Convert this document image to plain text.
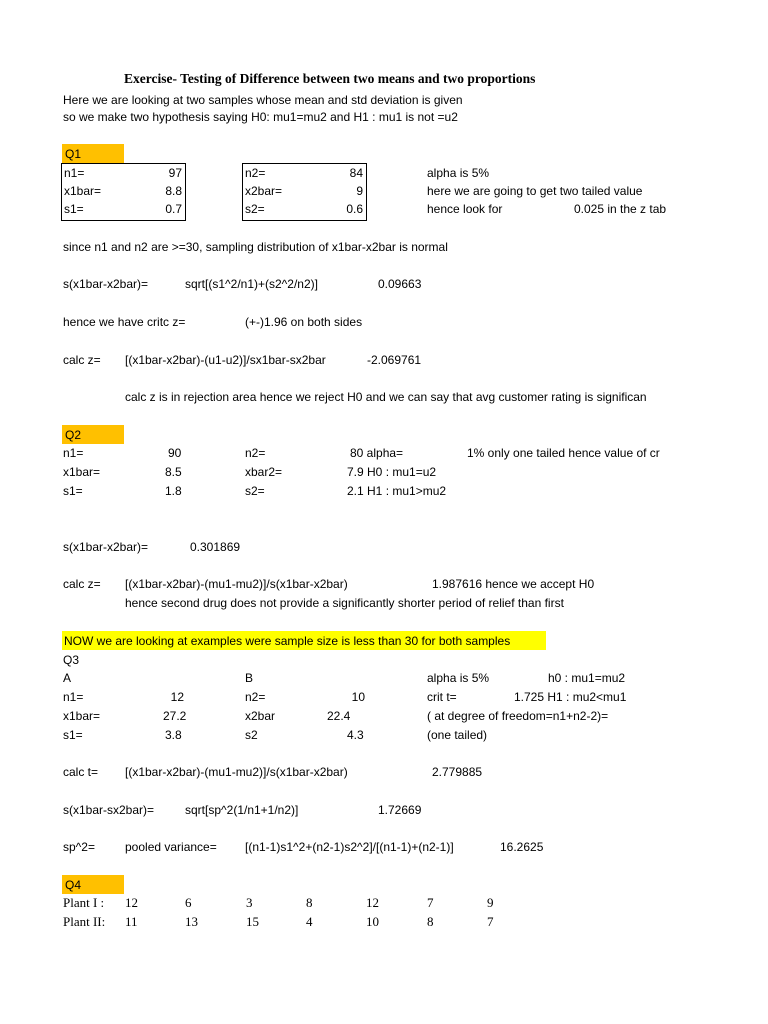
Exercise- Testing of Difference between two means and two proportions
Here we are looking at two samples whose mean and std deviation is given
so we make two hypothesis saying H0: mu1=mu2 and H1 : mu1 is not =u2
Q1
n1=	97
x1bar=	8.8
s1=	0.7
n2=	84
x2bar=	9
s2=	0.6
alpha is 5%
here we are going to get two tailed value
hence look for	0.025 in the z tab
since n1 and n2 are >=30, sampling distribution of x1bar-x2bar is normal
s(x1bar-x2bar)=	sqrt[(s1^2/n1)+(s2^2/n2)]	0.09663
hence we have critc z=	(+-)1.96 on both sides
calc z= [(x1bar-x2bar)-(u1-u2)]/sx1bar-sx2bar	-2.069761
calc z is in rejection area hence we reject H0 and we can say that avg customer rating is significan
Q2
n1=	90	n2=	80 alpha=	1% only one tailed hence value of cr
x1bar=	8.5	xbar2=	7.9 H0 : mu1=u2
s1=	1.8	s2=	2.1 H1 : mu1>mu2
s(x1bar-x2bar)=	0.301869
calc z= [(x1bar-x2bar)-(mu1-mu2)]/s(x1bar-x2bar)	1.987616 hence we accept H0
hence second drug does not provide a significantly shorter period of relief than first
NOW we are looking at examples were sample size is less than 30 for both samples
Q3
A	B	alpha is 5%	h0 : mu1=mu2
n1=	12	n2=	10	crit t=	1.725 H1 : mu2<mu1
x1bar=	27.2	x2bar	22.4	( at degree of freedom=n1+n2-2)=
s1=	3.8	s2	4.3	(one tailed)
calc t= [(x1bar-x2bar)-(mu1-mu2)]/s(x1bar-x2bar)	2.779885
s(x1bar-sx2bar)=	sqrt[sp^2(1/n1+1/n2)]	1.72669
sp^2=	pooled variance= [(n1-1)s1^2+(n2-1)s2^2]/[(n1-1)+(n2-1)]	16.2625
Q4
Plant I : 12	6	3	8	12	7	9
Plant II: 11	13	15	4	10	8	7
